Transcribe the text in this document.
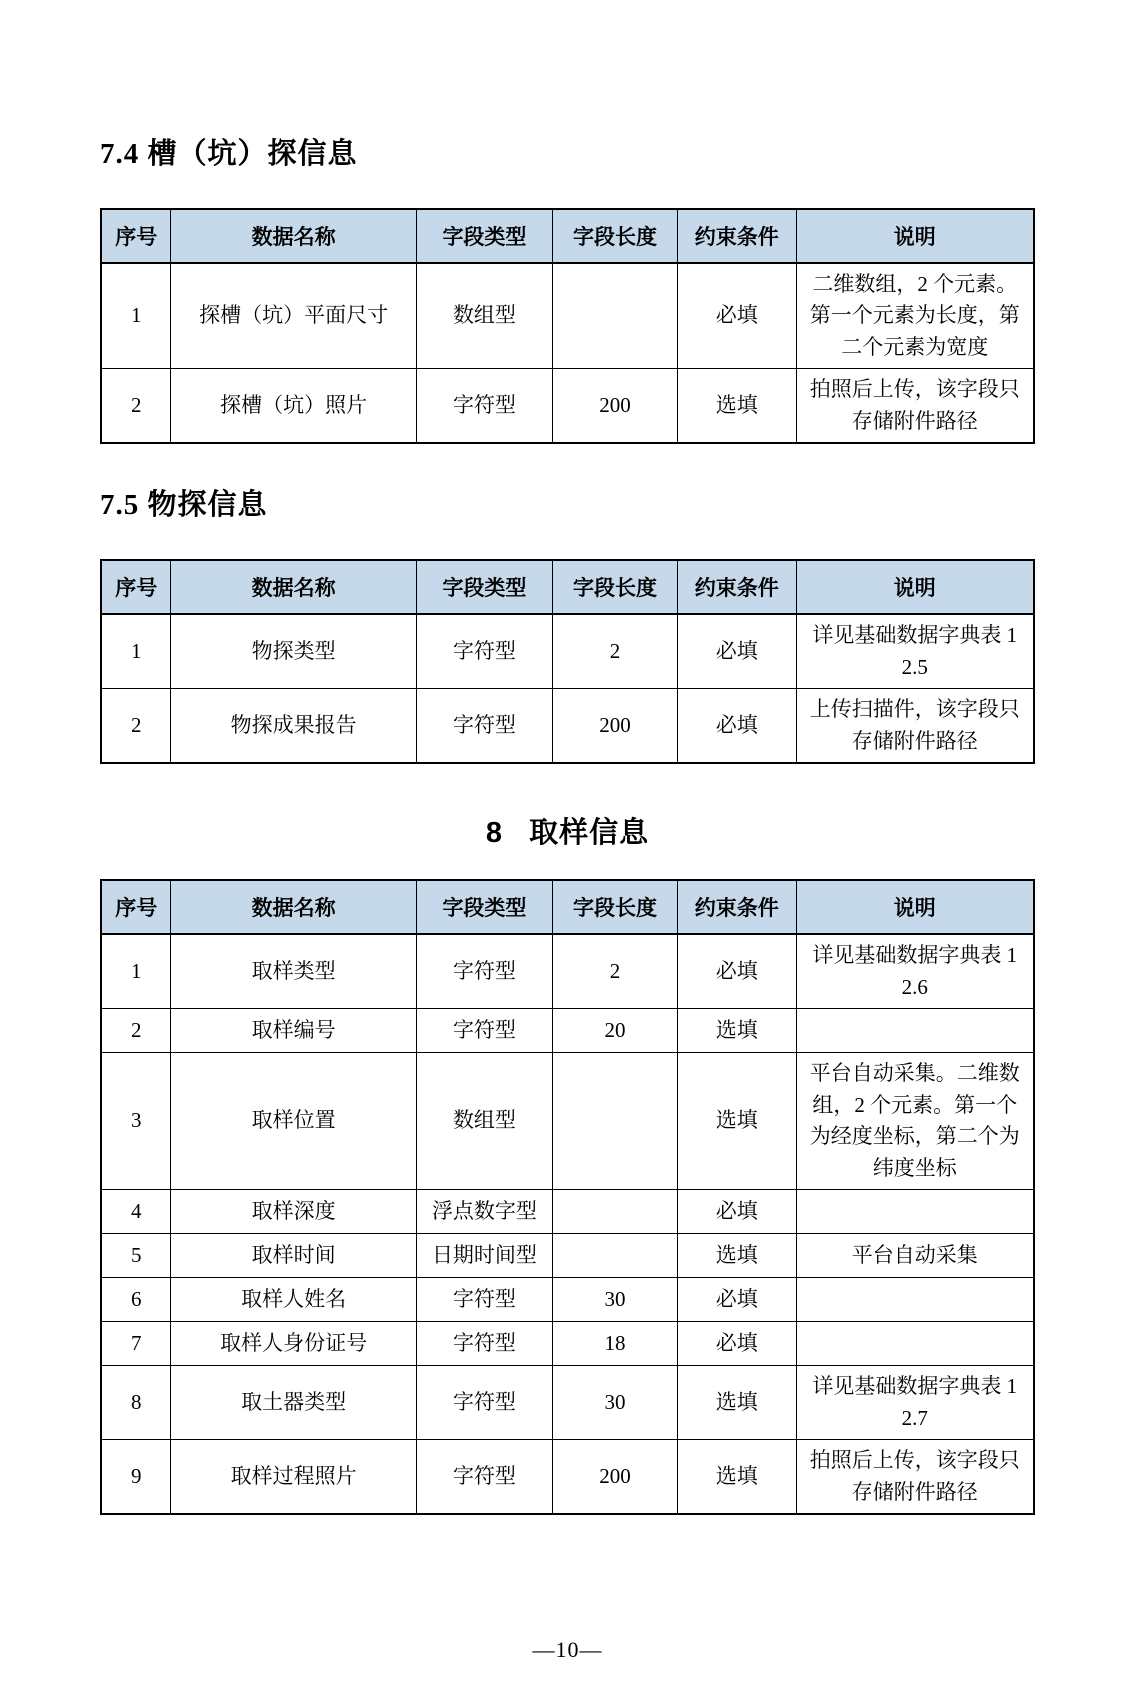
7.4 槽（坑）探信息
序号	数据名称	字段类型	字段长度	约束条件	说明
1	探槽（坑）平面尺寸	数组型		必填	二维数组，2 个元素。第一个元素为长度，第二个元素为宽度
2	探槽（坑）照片	字符型	200	选填	拍照后上传，该字段只存储附件路径
7.5 物探信息
序号	数据名称	字段类型	字段长度	约束条件	说明
1	物探类型	字符型	2	必填	详见基础数据字典表 12.5
2	物探成果报告	字符型	200	必填	上传扫描件，该字段只存储附件路径
8 取样信息
序号	数据名称	字段类型	字段长度	约束条件	说明
1	取样类型	字符型	2	必填	详见基础数据字典表 12.6
2	取样编号	字符型	20	选填	
3	取样位置	数组型		选填	平台自动采集。二维数组，2 个元素。第一个为经度坐标，第二个为纬度坐标
4	取样深度	浮点数字型		必填	
5	取样时间	日期时间型		选填	平台自动采集
6	取样人姓名	字符型	30	必填	
7	取样人身份证号	字符型	18	必填	
8	取土器类型	字符型	30	选填	详见基础数据字典表 12.7
9	取样过程照片	字符型	200	选填	拍照后上传，该字段只存储附件路径
—10—
